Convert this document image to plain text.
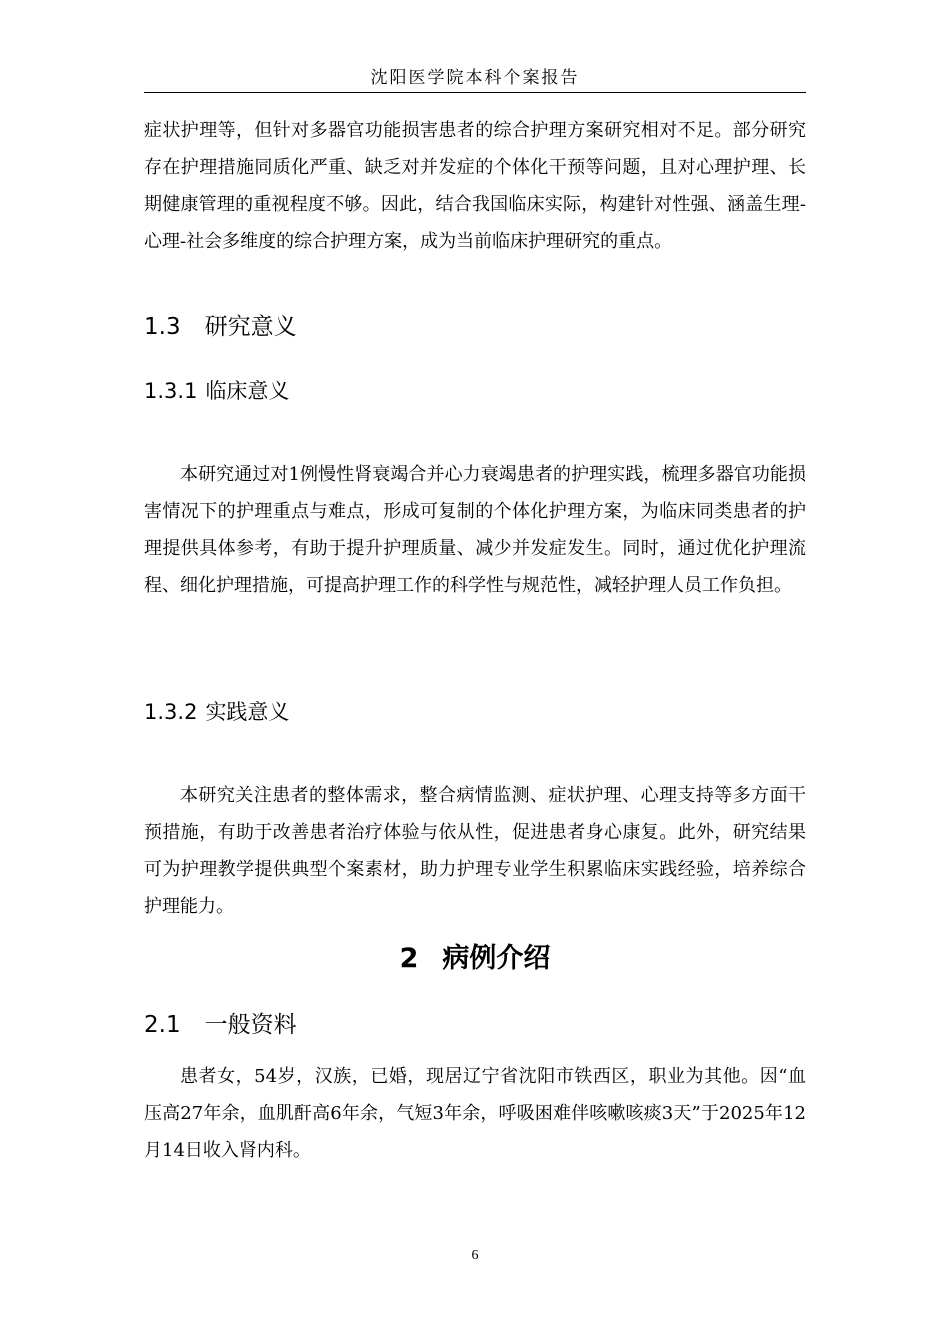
沈阳医学院本科个案报告

症状护理等，但针对多器官功能损害患者的综合护理方案研究相对不足。部分研究存在护理措施同质化严重、缺乏对并发症的个体化干预等问题，且对心理护理、长期健康管理的重视程度不够。因此，结合我国临床实际，构建针对性强、涵盖生理-心理-社会多维度的综合护理方案，成为当前临床护理研究的重点。

1.3 研究意义
1.3.1 临床意义

本研究通过对1例慢性肾衰竭合并心力衰竭患者的护理实践，梳理多器官功能损害情况下的护理重点与难点，形成可复制的个体化护理方案，为临床同类患者的护理提供具体参考，有助于提升护理质量、减少并发症发生。同时，通过优化护理流程、细化护理措施，可提高护理工作的科学性与规范性，减轻护理人员工作负担。

1.3.2 实践意义

本研究关注患者的整体需求，整合病情监测、症状护理、心理支持等多方面干预措施，有助于改善患者治疗体验与依从性，促进患者身心康复。此外，研究结果可为护理教学提供典型个案素材，助力护理专业学生积累临床实践经验，培养综合护理能力。

2 病例介绍
2.1 一般资料

患者女，54岁，汉族，已婚，现居辽宁省沈阳市铁西区，职业为其他。因“血压高27年余，血肌酐高6年余，气短3年余，呼吸困难伴咳嗽咳痰3天”于2025年12月14日收入肾内科。

6
